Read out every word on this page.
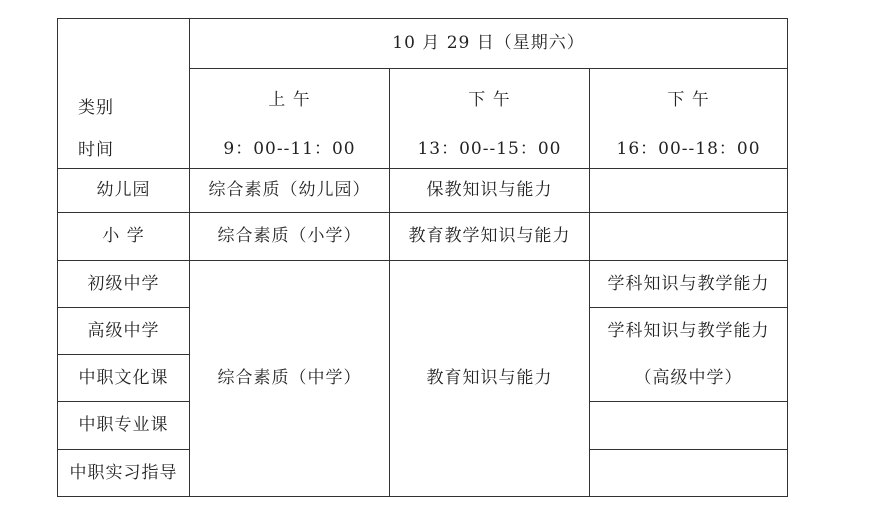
类别
时间	10 月 29 日（星期六）		
	上 午	下 午	下 午
	9：00--11：00	13：00--15：00	16：00--18：00
幼儿园	综合素质（幼儿园）	保教知识与能力	
小 学	综合素质（小学）	教育教学知识与能力	
初级中学	综合素质（中学）	教育知识与能力	学科知识与教学能力
高级中学			学科知识与教学能力
中职文化课			（高级中学）
中职专业课			
中职实习指导			
